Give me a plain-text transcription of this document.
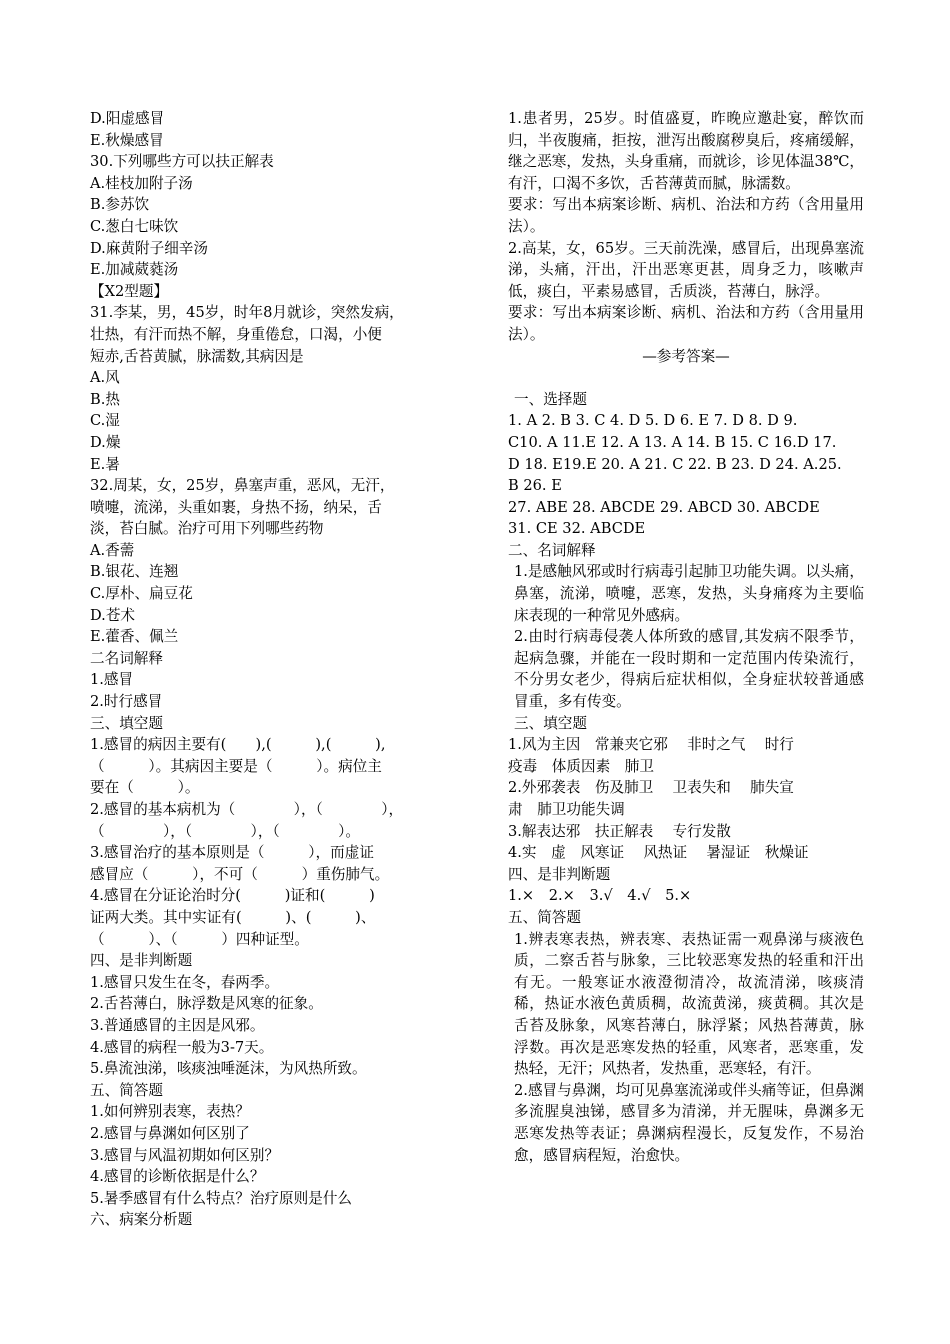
D.阳虚感冒
E.秋燥感冒
30.下列哪些方可以扶正解表
A.桂枝加附子汤
B.参苏饮
C.葱白七味饮
D.麻黄附子细辛汤
E.加减葳蕤汤
【X2型题】
31.李某，男，45岁，时年8月就诊，突然发病，
壮热，有汗而热不解，身重倦怠，口渴，小便
短赤,舌苔黄腻，脉濡数,其病因是
A.风
B.热
C.湿
D.燥
E.暑
32.周某，女，25岁，鼻塞声重，恶风，无汗，
喷嚏，流涕，头重如裹，身热不扬，纳呆，舌
淡，苔白腻。治疗可用下列哪些药物
A.香薷
B.银花、连翘
C.厚朴、扁豆花
D.苍术
E.藿香、佩兰
二名词解释
1.感冒
2.时行感冒
三、填空题
1.感冒的病因主要有(　　),(　　　),(　　　),
（　　　）。其病因主要是（　　　）。病位主
要在（　　　）。
2.感冒的基本病机为（　　　　），（　　　　），
（　　　　），（　　　　），（　　　　）。
3.感冒治疗的基本原则是（　　　），而虚证
感冒应（　　　），不可（　　　）重伤肺气。
4.感冒在分证论治时分(　　　)证和(　　　)
证两大类。其中实证有(　　　)、(　　　)、
（　　　）、（　　　）四种证型。
四、是非判断题
1.感冒只发生在冬，春两季。
2.舌苔薄白，脉浮数是风寒的征象。
3.普通感冒的主因是风邪。
4.感冒的病程一般为3-7天。
5.鼻流浊涕，咳痰浊唾涎沫，为风热所致。
五、简答题
1.如何辨别表寒，表热？
2.感冒与鼻渊如何区别了
3.感冒与风温初期如何区别？
4.感冒的诊断依据是什么？
5.暑季感冒有什么特点？治疗原则是什么
六、病案分析题

1.患者男，25岁。时值盛夏，昨晚应邀赴宴，醉饮而归，半夜腹痛，拒按，泄泻出酸腐秽臭后，疼痛缓解，继之恶寒，发热，头身重痛，而就诊，诊见体温38℃，有汗，口渴不多饮，舌苔薄黄而腻，脉濡数。

要求：写出本病案诊断、病机、治法和方药（含用量用法）。

2.高某，女，65岁。三天前洗澡，感冒后，出现鼻塞流涕，头痛，汗出，汗出恶寒更甚，周身乏力，咳嗽声低，痰白，平素易感冒，舌质淡，苔薄白，脉浮。

要求：写出本病案诊断、病机、治法和方药（含用量用法）。

—参考答案—
一、选择题
1. A 2. B 3. C 4. D 5. D 6. E 7. D 8. D 9.
C10. A 11.E 12. A 13. A 14. B 15. C 16.D 17.
D 18. E19.E 20. A 21. C 22. B 23. D 24. A.25.
B 26. E
27. ABE 28. ABCDE 29. ABCD 30. ABCDE
31. CE 32. ABCDE
二、名词解释

1.是感触风邪或时行病毒引起肺卫功能失调。以头痛，鼻塞，流涕，喷嚏，恶寒，发热，头身痛疼为主要临床表现的一种常见外感病。

2.由时行病毒侵袭人体所致的感冒,其发病不限季节，起病急骤，并能在一段时期和一定范围内传染流行，不分男女老少，得病后症状相似，全身症状较普通感冒重，多有传变。

三、填空题
1.风为主因　常兼夹它邪　 非时之气　 时行
疫毒　体质因素　肺卫
2.外邪袭表　伤及肺卫　 卫表失和　 肺失宣
肃　肺卫功能失调
3.解表达邪　扶正解表　 专行发散
4.实　虚　风寒证　 风热证　 暑湿证　秋燥证
四、是非判断题
1.×　2.×　3.√　4.√　5.×
五、简答题

1.辨表寒表热，辨表寒、表热证需一观鼻涕与痰液色质，二察舌苔与脉象，三比较恶寒发热的轻重和汗出有无。一般寒证水液澄彻清冷，故流清涕，咳痰清稀，热证水液色黄质稠，故流黄涕，痰黄稠。其次是舌苔及脉象，风寒苔薄白，脉浮紧；风热苔薄黄，脉浮数。再次是恶寒发热的轻重，风寒者，恶寒重，发热轻，无汗；风热者，发热重，恶寒轻，有汗。

2.感冒与鼻渊，均可见鼻塞流涕或伴头痛等证，但鼻渊多流腥臭浊锑，感冒多为清涕，并无腥味，鼻渊多无恶寒发热等表证；鼻渊病程漫长，反复发作，不易治愈，感冒病程短，治愈快。
